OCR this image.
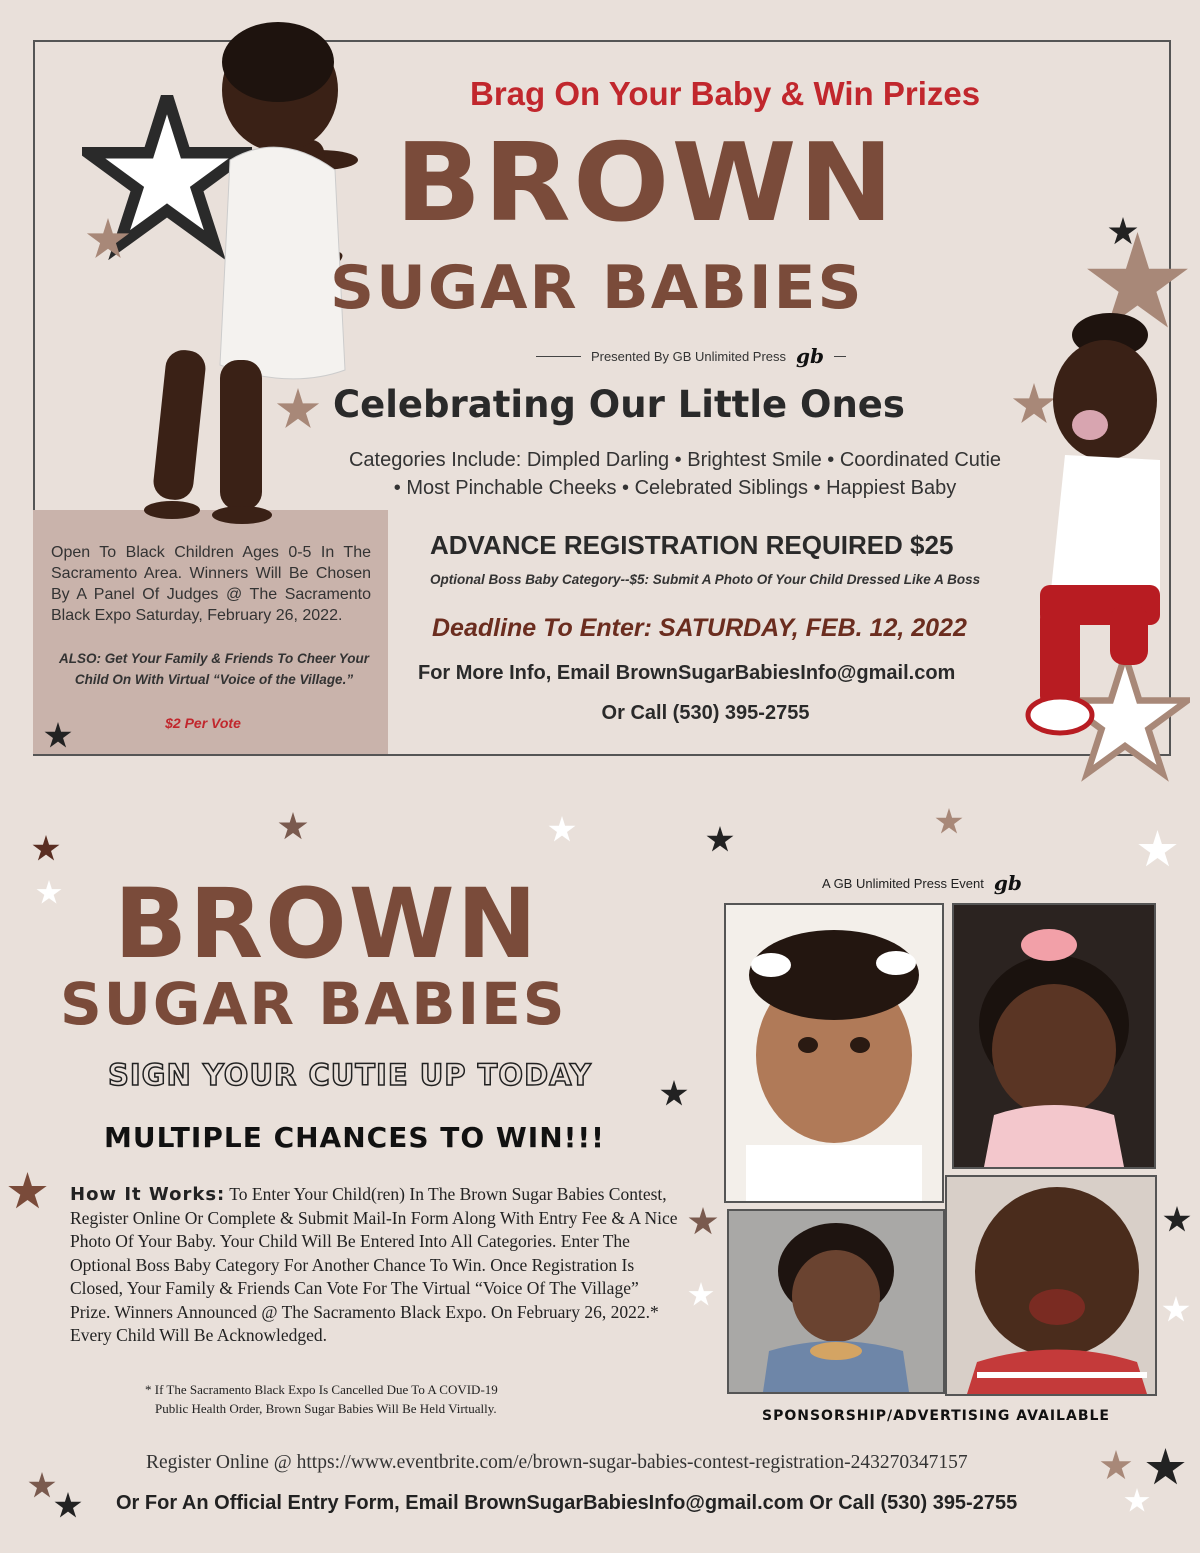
Brag On Your Baby & Win Prizes
BROWN
SUGAR BABIES
Presented By GB Unlimited Press gb
Celebrating Our Little Ones
Categories Include: Dimpled Darling • Brightest Smile • Coordinated Cutie
• Most Pinchable Cheeks • Celebrated Siblings • Happiest Baby
Open To Black Children Ages 0-5 In The Sacramento Area. Winners Will Be Chosen By A Panel Of Judges @ The Sacramento Black Expo Saturday, February 26, 2022.
ALSO: Get Your Family & Friends To Cheer Your Child On With Virtual “Voice of the Village.”
$2 Per Vote
ADVANCE REGISTRATION REQUIRED $25
Optional Boss Baby Category--$5: Submit A Photo Of Your Child Dressed Like A Boss
Deadline To Enter: SATURDAY, FEB. 12, 2022
For More Info, Email BrownSugarBabiesInfo@gmail.com
Or Call (530) 395-2755
BROWN
SUGAR BABIES
SIGN YOUR CUTIE UP TODAY
MULTIPLE CHANCES TO WIN!!!
How It Works: To Enter Your Child(ren) In The Brown Sugar Babies Contest, Register Online Or Complete & Submit Mail-In Form Along With Entry Fee & A Nice Photo Of Your Baby. Your Child Will Be Entered Into All Categories. Enter The Optional Boss Baby Category For Another Chance To Win. Once Registration Is Closed, Your Family & Friends Can Vote For The Virtual “Voice Of The Village” Prize. Winners Announced @ The Sacramento Black Expo. On February 26, 2022.* Every Child Will Be Acknowledged.
* If The Sacramento Black Expo Is Cancelled Due To A COVID-19
Public Health Order, Brown Sugar Babies Will Be Held Virtually.
A GB Unlimited Press Event gb
SPONSORSHIP/ADVERTISING AVAILABLE
Register Online @ https://www.eventbrite.com/e/brown-sugar-babies-contest-registration-243270347157
Or For An Official Entry Form, Email BrownSugarBabiesInfo@gmail.com Or Call (530) 395-2755
